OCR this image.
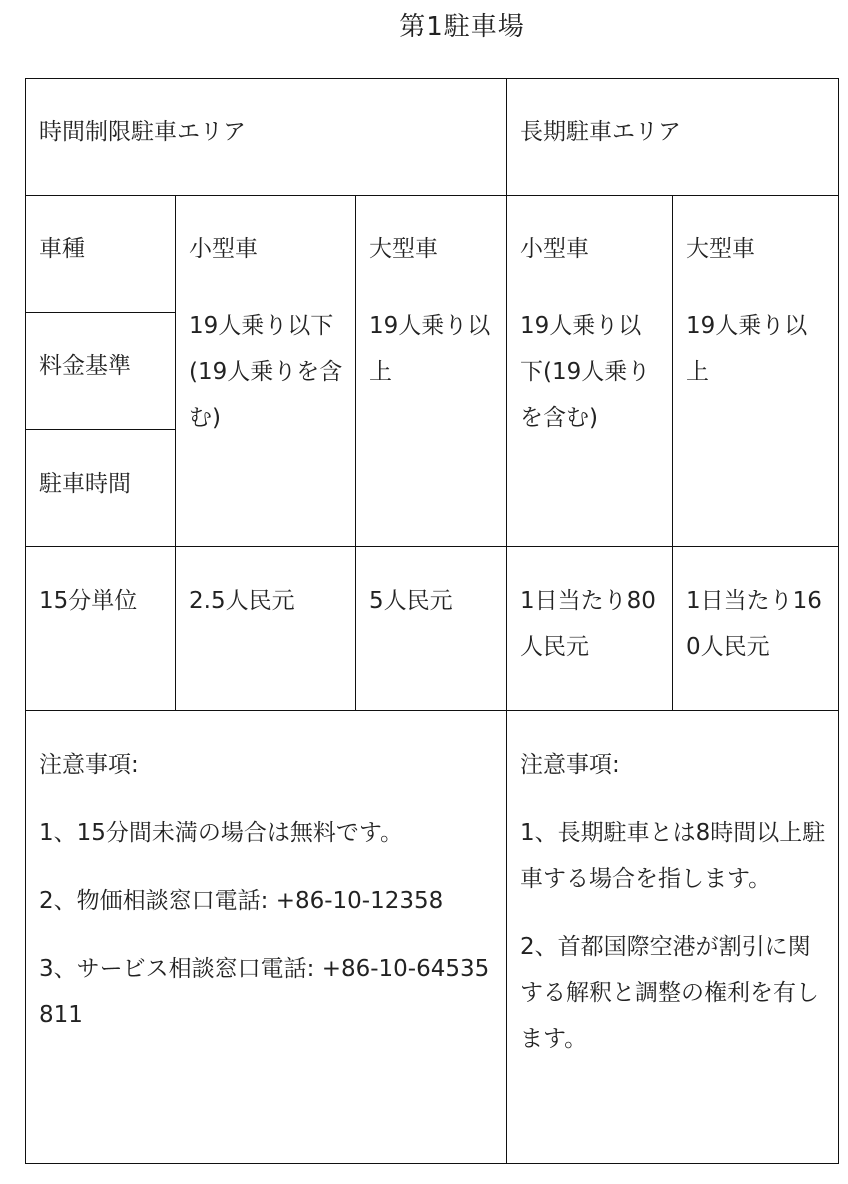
第1駐車場
時間制限駐車エリア	長期駐車エリア
車種
料金基準
駐車時間
15分単位
小型車
19人乗り以下(19人乗りを含む)
2.5人民元
大型車
19人乗り以上
5人民元
小型車
19人乗り以下(19人乗りを含む)
1日当たり80人民元
大型車
19人乗り以上
1日当たり160人民元
注意事項:
1、15分間未満の場合は無料です。
2、物価相談窓口電話: +86-10-12358
3、サービス相談窓口電話: +86-10-64535811
注意事項:
1、長期駐車とは8時間以上駐車する場合を指します。
2、首都国際空港が割引に関する解釈と調整の権利を有します。
